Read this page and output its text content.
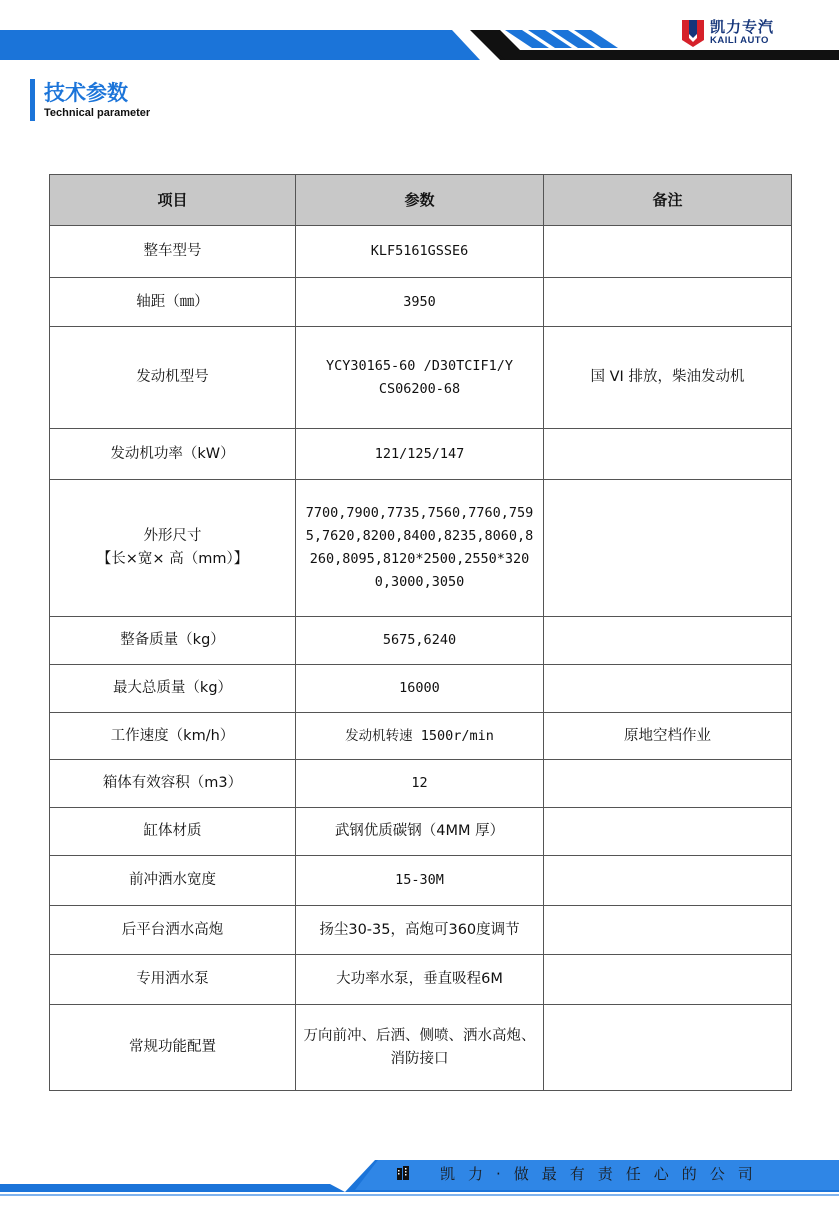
凯力专汽
KAILI AUTO
技术参数
Technical parameter
项目	参数	备注
整车型号	KLF5161GSSE6	
轴距（㎜）	3950	
发动机型号	YCY30165-60 /D30TCIF1/YCS06200-68	国 VI 排放，柴油发动机
发动机功率（kW）	121/125/147	

外形尺寸
【长×宽× 高（mm）】	7700,7900,7735,7560,7760,7595,7620,8200,8400,8235,8060,8260,8095,8120*2500,2550*3200,3000,3050	
整备质量（kg）	5675,6240	
最大总质量（kg）	16000	
工作速度（km/h）	发动机转速 1500r/min	原地空档作业
箱体有效容积（m3）	12	
缸体材质	武钢优质碳钢（4MM 厚）	
前冲洒水宽度	15-30M	
后平台洒水高炮	扬尘30-35，高炮可360度调节	
专用洒水泵	大功率水泵，垂直吸程6M	
常规功能配置	万向前冲、后洒、侧喷、洒水高炮、消防接口	
凯力·做最有责任心的公司
